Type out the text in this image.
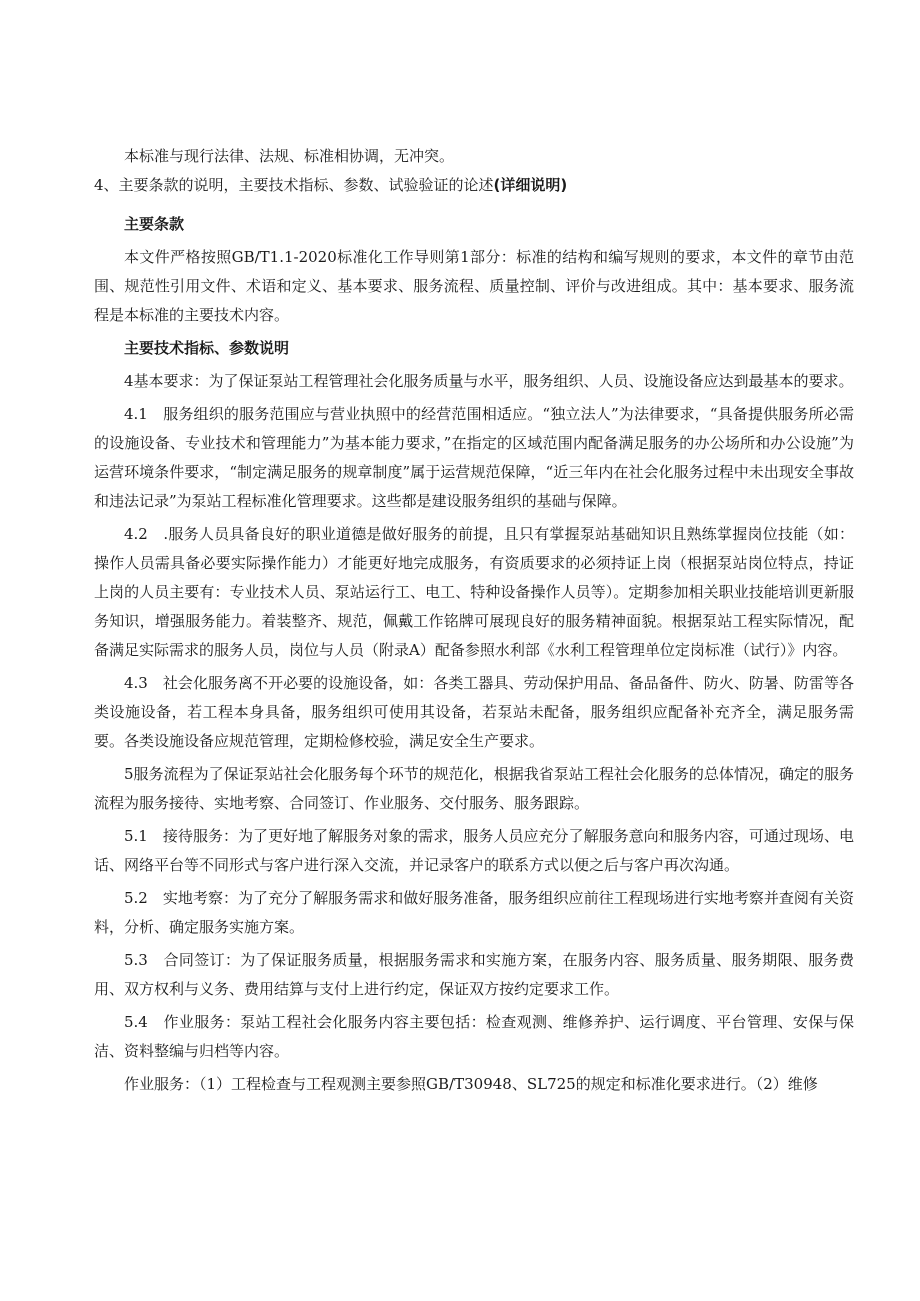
本标准与现行法律、法规、标准相协调，无冲突。

4、主要条款的说明，主要技术指标、参数、试验验证的论述(详细说明)

主要条款

本文件严格按照GB/T1.1-2020标准化工作导则第1部分：标准的结构和编写规则的要求，本文件的章节由范围、规范性引用文件、术语和定义、基本要求、服务流程、质量控制、评价与改进组成。其中：基本要求、服务流程是本标准的主要技术内容。

主要技术指标、参数说明

4基本要求：为了保证泵站工程管理社会化服务质量与水平，服务组织、人员、设施设备应达到最基本的要求。

4.1　服务组织的服务范围应与营业执照中的经营范围相适应。“独立法人”为法律要求，“具备提供服务所必需的设施设备、专业技术和管理能力”为基本能力要求，”在指定的区域范围内配备满足服务的办公场所和办公设施”为运营环境条件要求，“制定满足服务的规章制度”属于运营规范保障，“近三年内在社会化服务过程中未出现安全事故和违法记录”为泵站工程标准化管理要求。这些都是建设服务组织的基础与保障。

4.2　.服务人员具备良好的职业道德是做好服务的前提，且只有掌握泵站基础知识且熟练掌握岗位技能（如：操作人员需具备必要实际操作能力）才能更好地完成服务，有资质要求的必须持证上岗（根据泵站岗位特点，持证上岗的人员主要有：专业技术人员、泵站运行工、电工、特种设备操作人员等）。定期参加相关职业技能培训更新服务知识，增强服务能力。着装整齐、规范，佩戴工作铭牌可展现良好的服务精神面貌。根据泵站工程实际情况，配备满足实际需求的服务人员，岗位与人员（附录A）配备参照水利部《水利工程管理单位定岗标准（试行）》内容。

4.3　社会化服务离不开必要的设施设备，如：各类工器具、劳动保护用品、备品备件、防火、防暑、防雷等各类设施设备，若工程本身具备，服务组织可使用其设备，若泵站未配备，服务组织应配备补充齐全，满足服务需要。各类设施设备应规范管理，定期检修校验，满足安全生产要求。

5服务流程为了保证泵站社会化服务每个环节的规范化，根据我省泵站工程社会化服务的总体情况，确定的服务流程为服务接待、实地考察、合同签订、作业服务、交付服务、服务跟踪。

5.1　接待服务：为了更好地了解服务对象的需求，服务人员应充分了解服务意向和服务内容，可通过现场、电话、网络平台等不同形式与客户进行深入交流，并记录客户的联系方式以便之后与客户再次沟通。

5.2　实地考察：为了充分了解服务需求和做好服务准备，服务组织应前往工程现场进行实地考察并查阅有关资料，分析、确定服务实施方案。

5.3　合同签订：为了保证服务质量，根据服务需求和实施方案，在服务内容、服务质量、服务期限、服务费用、双方权利与义务、费用结算与支付上进行约定，保证双方按约定要求工作。

5.4　作业服务：泵站工程社会化服务内容主要包括：检查观测、维修养护、运行调度、平台管理、安保与保洁、资料整编与归档等内容。

作业服务：（1）工程检查与工程观测主要参照GB/T30948、SL725的规定和标准化要求进行。（2）维修
